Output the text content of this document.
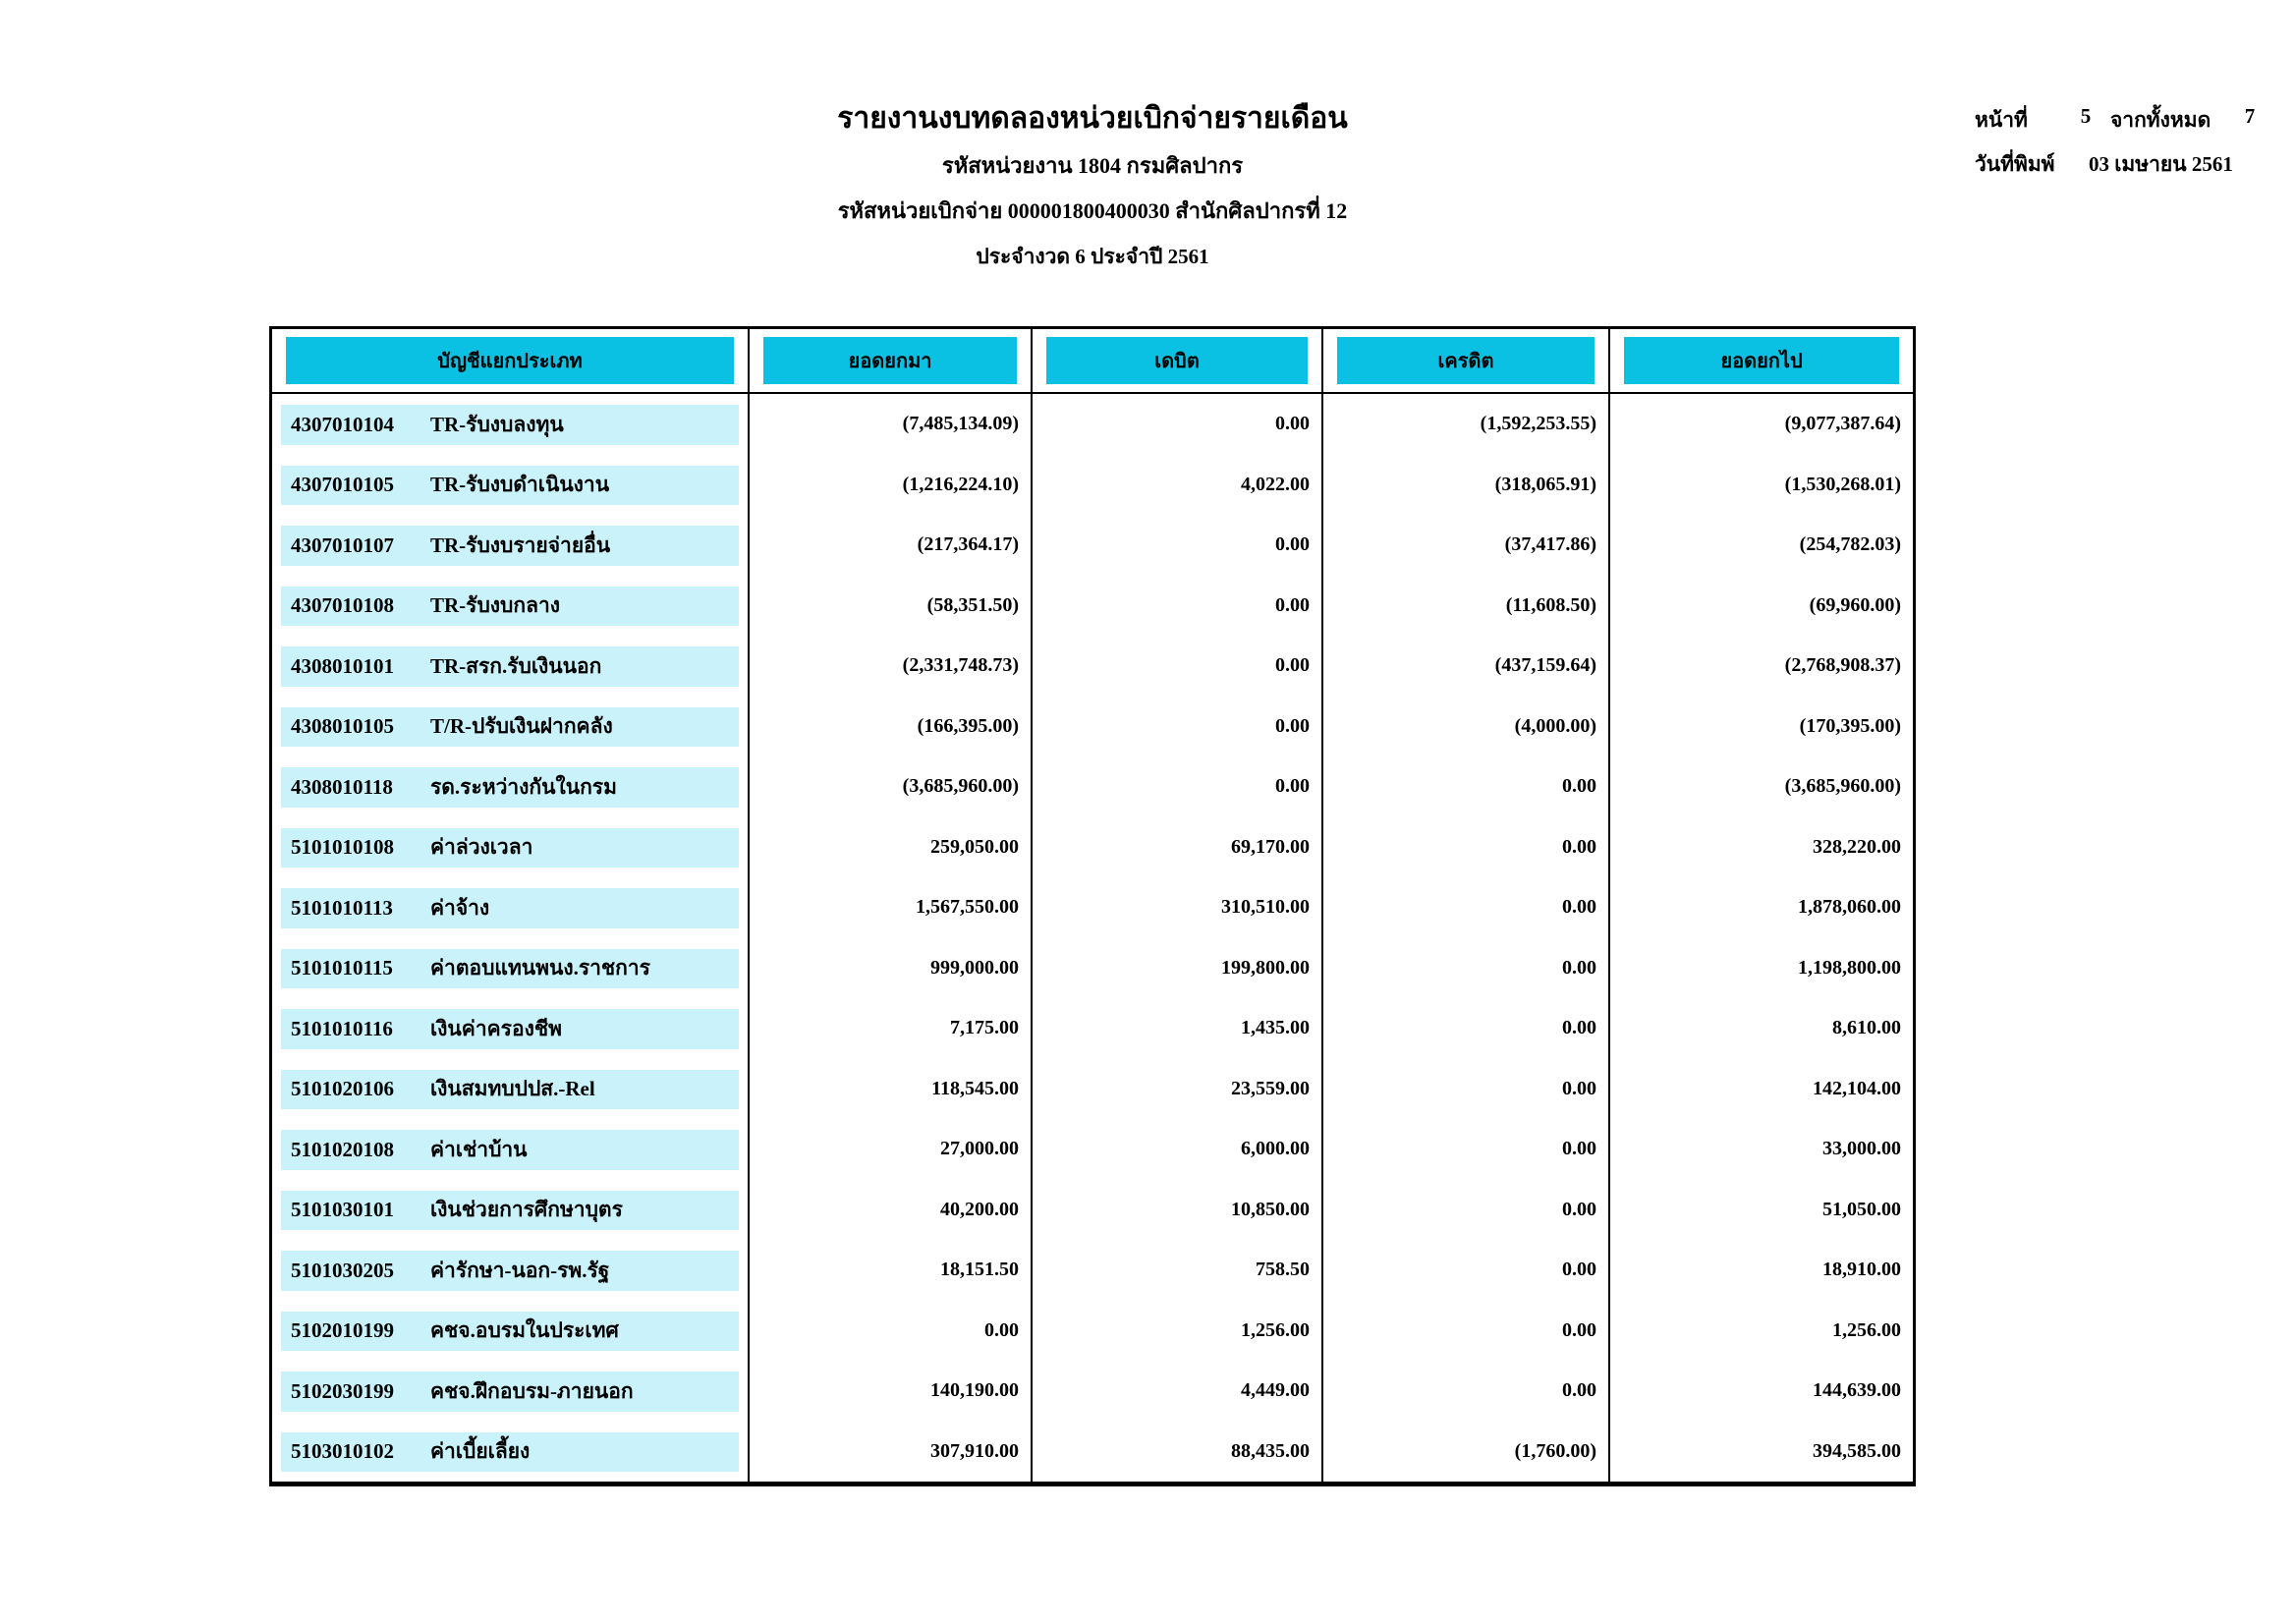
รายงานงบทดลองหน่วยเบิกจ่ายรายเดือน
รหัสหน่วยงาน 1804 กรมศิลปากร
รหัสหน่วยเบิกจ่าย 000001800400030 สำนักศิลปากรที่ 12
ประจำงวด 6 ประจำปี 2561
หน้าที่	5 จากทั้งหมด	7
วันที่พิมพ์	03 เมษายน 2561
บัญชีแยกประเภท	ยอดยกมา	เดบิต	เครดิต	ยอดยกไป
4307010104	TR-รับงบลงทุน	(7,485,134.09)	0.00	(1,592,253.55)	(9,077,387.64)
4307010105	TR-รับงบดำเนินงาน	(1,216,224.10)	4,022.00	(318,065.91)	(1,530,268.01)
4307010107	TR-รับงบรายจ่ายอื่น	(217,364.17)	0.00	(37,417.86)	(254,782.03)
4307010108	TR-รับงบกลาง	(58,351.50)	0.00	(11,608.50)	(69,960.00)
4308010101	TR-สรก.รับเงินนอก	(2,331,748.73)	0.00	(437,159.64)	(2,768,908.37)
4308010105	T/R-ปรับเงินฝากคลัง	(166,395.00)	0.00	(4,000.00)	(170,395.00)
4308010118	รด.ระหว่างกันในกรม	(3,685,960.00)	0.00	0.00	(3,685,960.00)
5101010108	ค่าล่วงเวลา	259,050.00	69,170.00	0.00	328,220.00
5101010113	ค่าจ้าง	1,567,550.00	310,510.00	0.00	1,878,060.00
5101010115	ค่าตอบแทนพนง.ราชการ	999,000.00	199,800.00	0.00	1,198,800.00
5101010116	เงินค่าครองชีพ	7,175.00	1,435.00	0.00	8,610.00
5101020106	เงินสมทบปปส.-Rel	118,545.00	23,559.00	0.00	142,104.00
5101020108	ค่าเช่าบ้าน	27,000.00	6,000.00	0.00	33,000.00
5101030101	เงินช่วยการศึกษาบุตร	40,200.00	10,850.00	0.00	51,050.00
5101030205	ค่ารักษา-นอก-รพ.รัฐ	18,151.50	758.50	0.00	18,910.00
5102010199	คชจ.อบรมในประเทศ	0.00	1,256.00	0.00	1,256.00
5102030199	คชจ.ฝึกอบรม-ภายนอก	140,190.00	4,449.00	0.00	144,639.00
5103010102	ค่าเบี้ยเลี้ยง	307,910.00	88,435.00	(1,760.00)	394,585.00
